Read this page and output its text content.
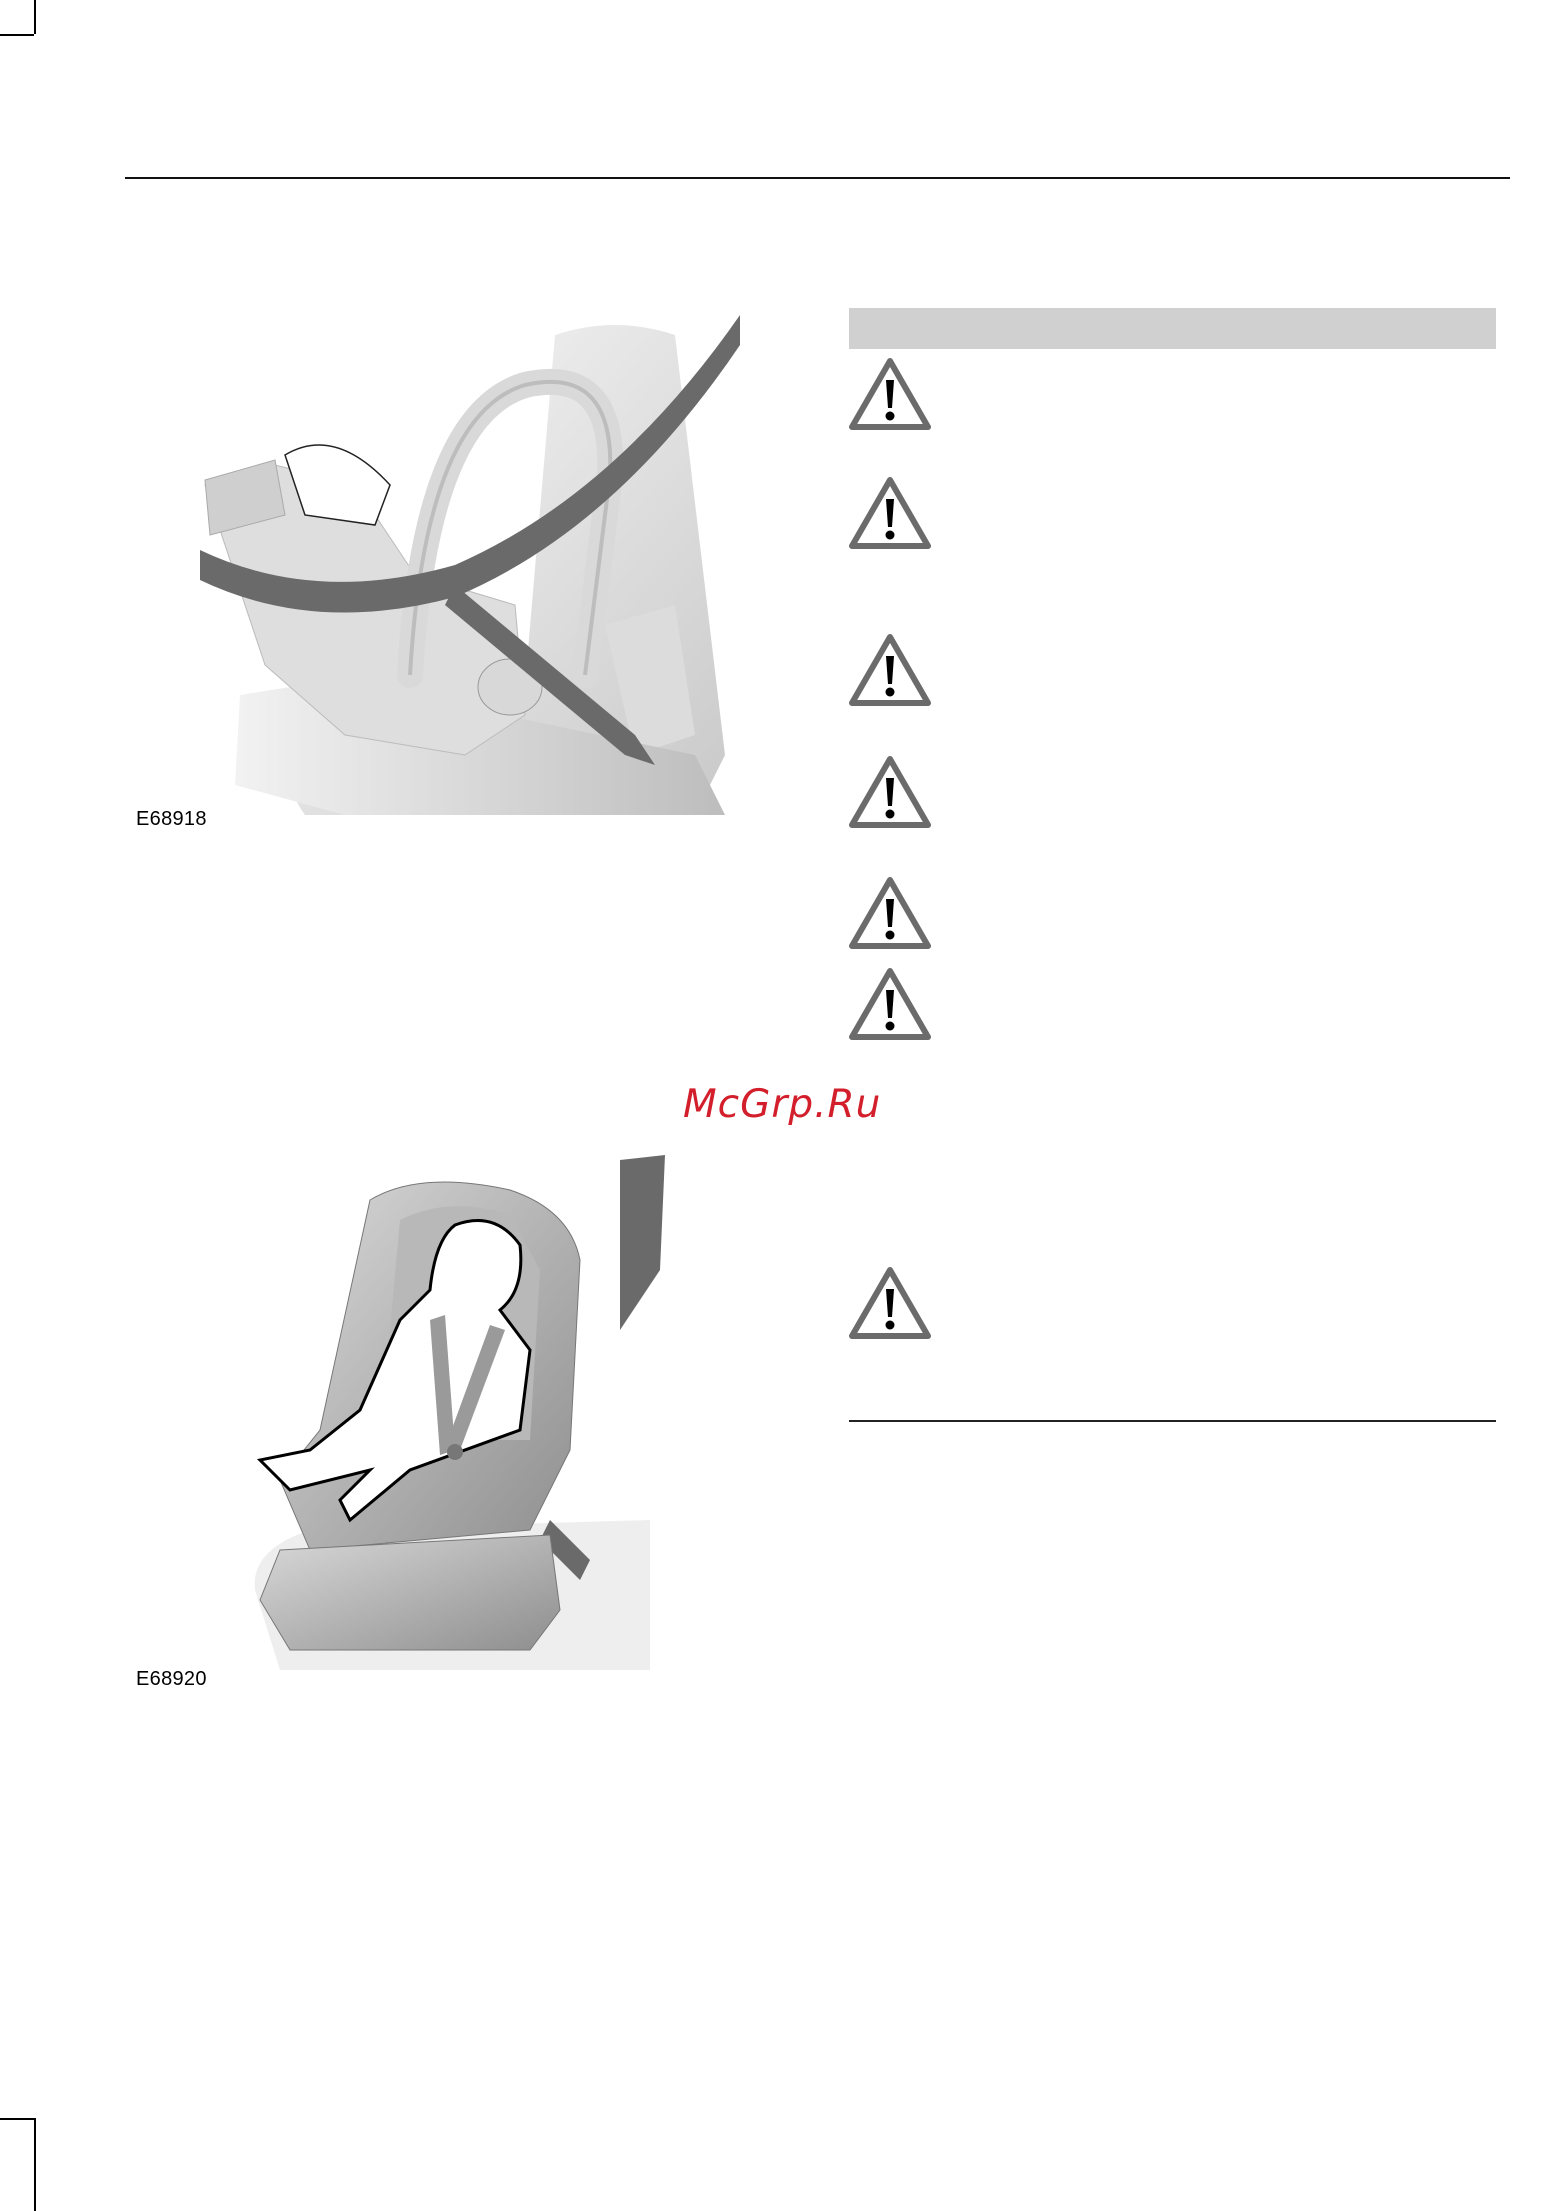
E68918
E68920
McGrp.Ru
